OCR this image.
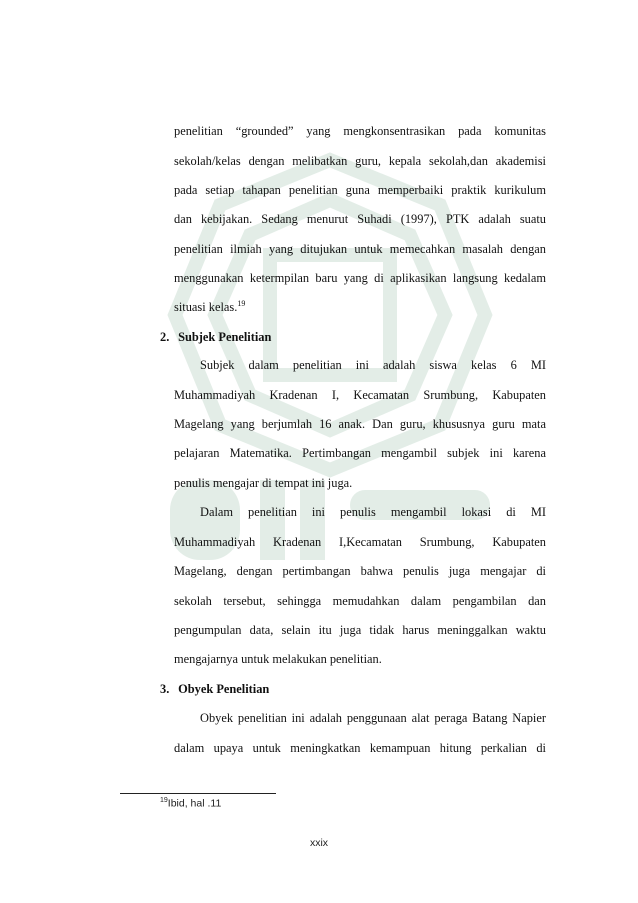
penelitian “grounded” yang mengkonsentrasikan pada komunitas
sekolah/kelas dengan melibatkan guru, kepala sekolah,dan akademisi
pada setiap tahapan penelitian guna memperbaiki praktik kurikulum
dan kebijakan. Sedang menurut Suhadi (1997), PTK adalah suatu
penelitian ilmiah yang ditujukan untuk memecahkan masalah dengan
menggunakan ketermpilan baru yang di aplikasikan langsung kedalam
situasi kelas.$^{19}$
2. Subjek Penelitian
Subjek dalam penelitian ini adalah siswa kelas 6 MI
Muhammadiyah Kradenan I, Kecamatan Srumbung, Kabupaten
Magelang yang berjumlah 16 anak. Dan guru, khususnya guru mata
pelajaran Matematika. Pertimbangan mengambil subjek ini karena
penulis mengajar di tempat ini juga.
Dalam penelitian ini penulis mengambil lokasi di MI
Muhammadiyah Kradenan I,Kecamatan Srumbung, Kabupaten
Magelang, dengan pertimbangan bahwa penulis juga mengajar di
sekolah tersebut, sehingga memudahkan dalam pengambilan dan
pengumpulan data, selain itu juga tidak harus meninggalkan waktu
mengajarnya untuk melakukan penelitian.
3. Obyek Penelitian
Obyek penelitian ini adalah penggunaan alat peraga Batang Napier
dalam upaya untuk meningkatkan kemampuan hitung perkalian di
$^{19}$Ibid, hal .11
xxix
